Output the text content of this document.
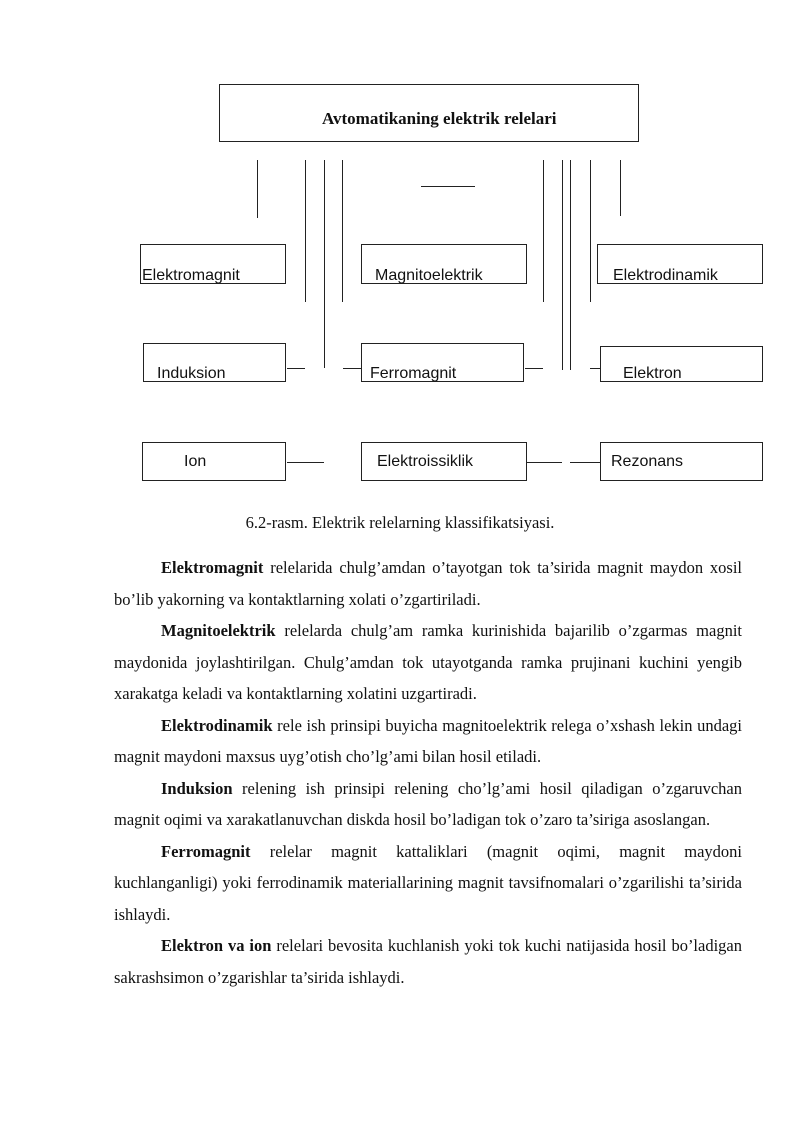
Avtomatikaning elektrik relelari
Elektromagnit	Magnitoelektrik	Elektrodinamik
Induksion	Ferromagnit	Elektron
Ion	Elektroissiklik	Rezonans
6.2-rasm. Elektrik relelarning klassifikatsiyasi.

Elektromagnit relelarida chulg’amdan o’tayotgan tok ta’sirida magnit maydon xosil bo’lib yakorning va kontaktlarning xolati o’zgartiriladi.

Magnitoelektrik relelarda chulg’am ramka kurinishida bajarilib o’zgarmas magnit maydonida joylashtirilgan. Chulg’amdan tok utayotganda ramka prujinani kuchini yengib xarakatga keladi va kontaktlarning xolatini uzgartiradi.

Elektrodinamik rele ish prinsipi buyicha magnitoelektrik relega o’xshash lekin undagi magnit maydoni maxsus uyg’otish cho’lg’ami bilan hosil etiladi.

Induksion relening ish prinsipi relening cho’lg’ami hosil qiladigan o’zgaruvchan magnit oqimi va xarakatlanuvchan diskda hosil bo’ladigan tok o’zaro ta’siriga asoslangan.

Ferromagnit relelar magnit kattaliklari (magnit oqimi, magnit maydoni kuchlanganligi) yoki ferrodinamik materiallarining magnit tavsifnomalari o’zgarilishi ta’sirida ishlaydi.

Elektron va ion relelari bevosita kuchlanish yoki tok kuchi natijasida hosil bo’ladigan sakrashsimon o’zgarishlar ta’sirida ishlaydi.
